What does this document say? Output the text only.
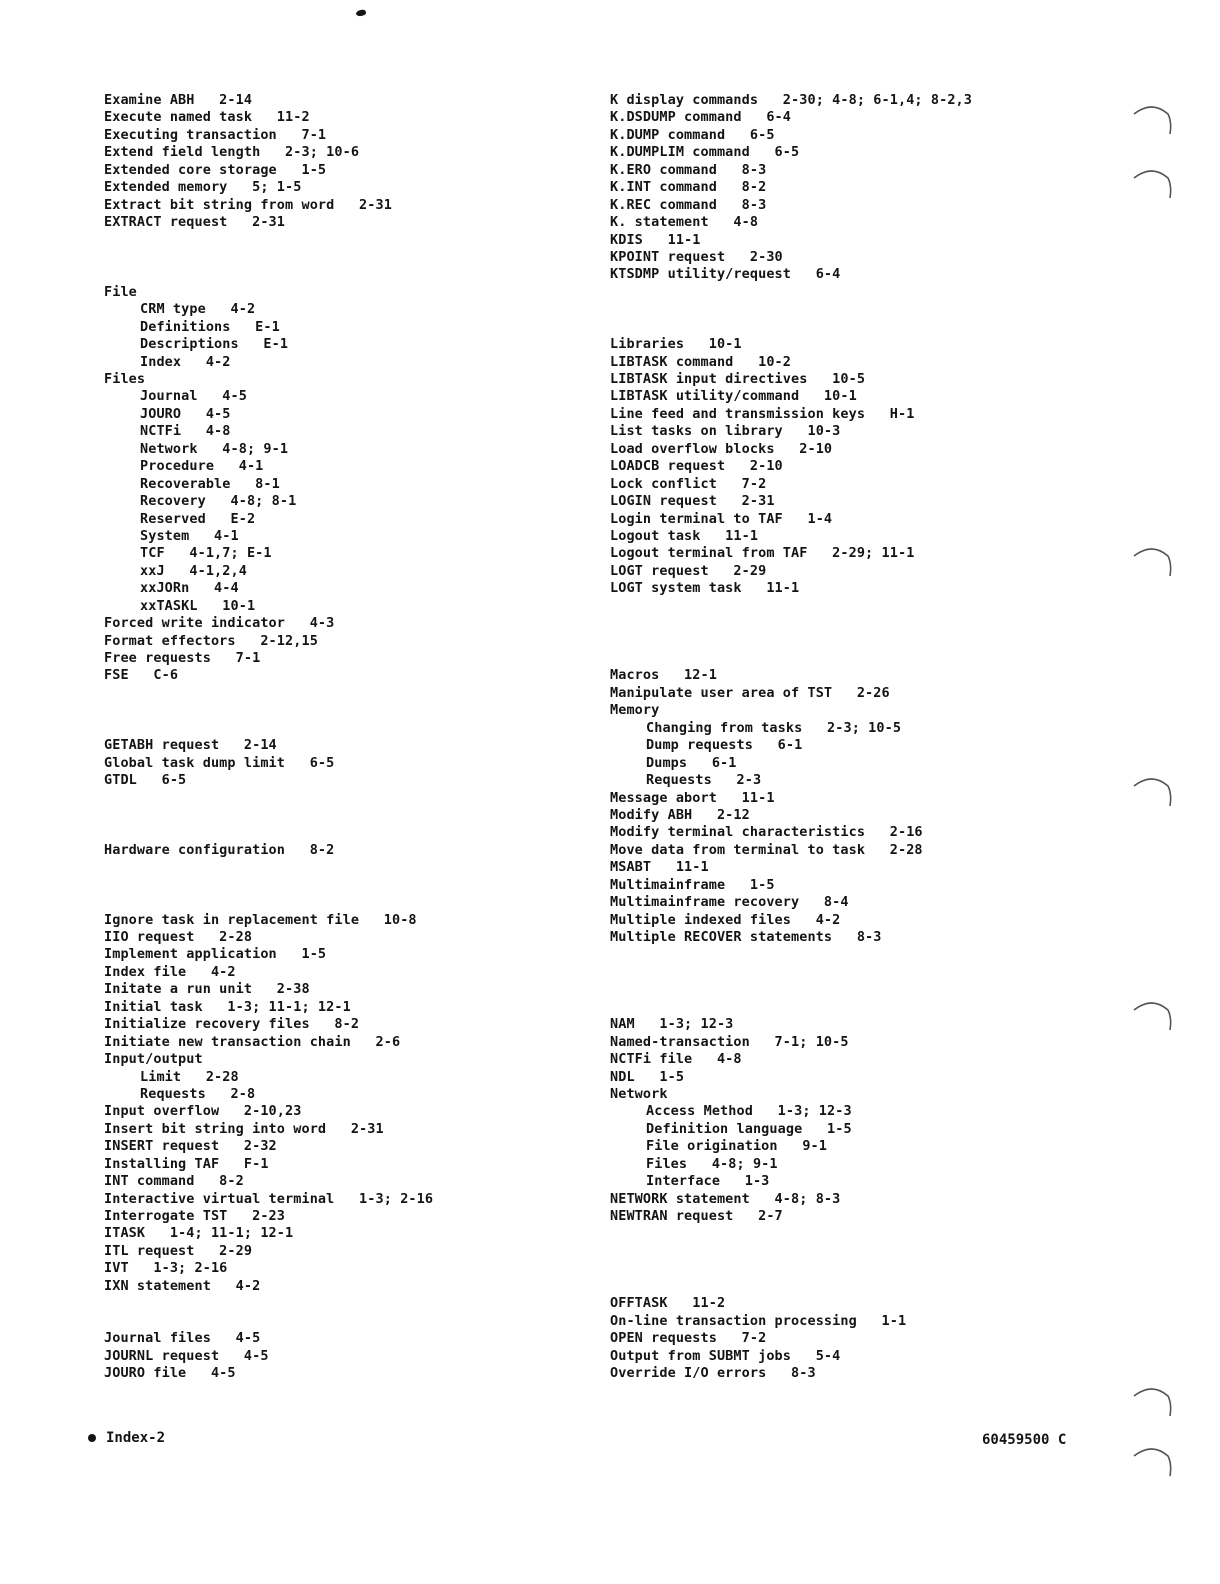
Examine ABH   2-14
Execute named task   11-2
Executing transaction   7-1
Extend field length   2-3; 10-6
Extended core storage   1-5
Extended memory   5; 1-5
Extract bit string from word   2-31
EXTRACT request   2-31
File
CRM type   4-2
Definitions   E-1
Descriptions   E-1
Index   4-2
Files
Journal   4-5
JOURO   4-5
NCTFi   4-8
Network   4-8; 9-1
Procedure   4-1
Recoverable   8-1
Recovery   4-8; 8-1
Reserved   E-2
System   4-1
TCF   4-1,7; E-1
xxJ   4-1,2,4
xxJORn   4-4
xxTASKL   10-1
Forced write indicator   4-3
Format effectors   2-12,15
Free requests   7-1
FSE   C-6
GETABH request   2-14
Global task dump limit   6-5
GTDL   6-5
Hardware configuration   8-2
Ignore task in replacement file   10-8
IIO request   2-28
Implement application   1-5
Index file   4-2
Initate a run unit   2-38
Initial task   1-3; 11-1; 12-1
Initialize recovery files   8-2
Initiate new transaction chain   2-6
Input/output
Limit   2-28
Requests   2-8
Input overflow   2-10,23
Insert bit string into word   2-31
INSERT request   2-32
Installing TAF   F-1
INT command   8-2
Interactive virtual terminal   1-3; 2-16
Interrogate TST   2-23
ITASK   1-4; 11-1; 12-1
ITL request   2-29
IVT   1-3; 2-16
IXN statement   4-2
Journal files   4-5
JOURNL request   4-5
JOURO file   4-5
K display commands   2-30; 4-8; 6-1,4; 8-2,3
K.DSDUMP command   6-4
K.DUMP command   6-5
K.DUMPLIM command   6-5
K.ERO command   8-3
K.INT command   8-2
K.REC command   8-3
K. statement   4-8
KDIS   11-1
KPOINT request   2-30
KTSDMP utility/request   6-4
Libraries   10-1
LIBTASK command   10-2
LIBTASK input directives   10-5
LIBTASK utility/command   10-1
Line feed and transmission keys   H-1
List tasks on library   10-3
Load overflow blocks   2-10
LOADCB request   2-10
Lock conflict   7-2
LOGIN request   2-31
Login terminal to TAF   1-4
Logout task   11-1
Logout terminal from TAF   2-29; 11-1
LOGT request   2-29
LOGT system task   11-1
Macros   12-1
Manipulate user area of TST   2-26
Memory
Changing from tasks   2-3; 10-5
Dump requests   6-1
Dumps   6-1
Requests   2-3
Message abort   11-1
Modify ABH   2-12
Modify terminal characteristics   2-16
Move data from terminal to task   2-28
MSABT   11-1
Multimainframe   1-5
Multimainframe recovery   8-4
Multiple indexed files   4-2
Multiple RECOVER statements   8-3
NAM   1-3; 12-3
Named-transaction   7-1; 10-5
NCTFi file   4-8
NDL   1-5
Network
Access Method   1-3; 12-3
Definition language   1-5
File origination   9-1
Files   4-8; 9-1
Interface   1-3
NETWORK statement   4-8; 8-3
NEWTRAN request   2-7
OFFTASK   11-2
On-line transaction processing   1-1
OPEN requests   7-2
Output from SUBMT jobs   5-4
Override I/O errors   8-3
Index-2	60459500 C
